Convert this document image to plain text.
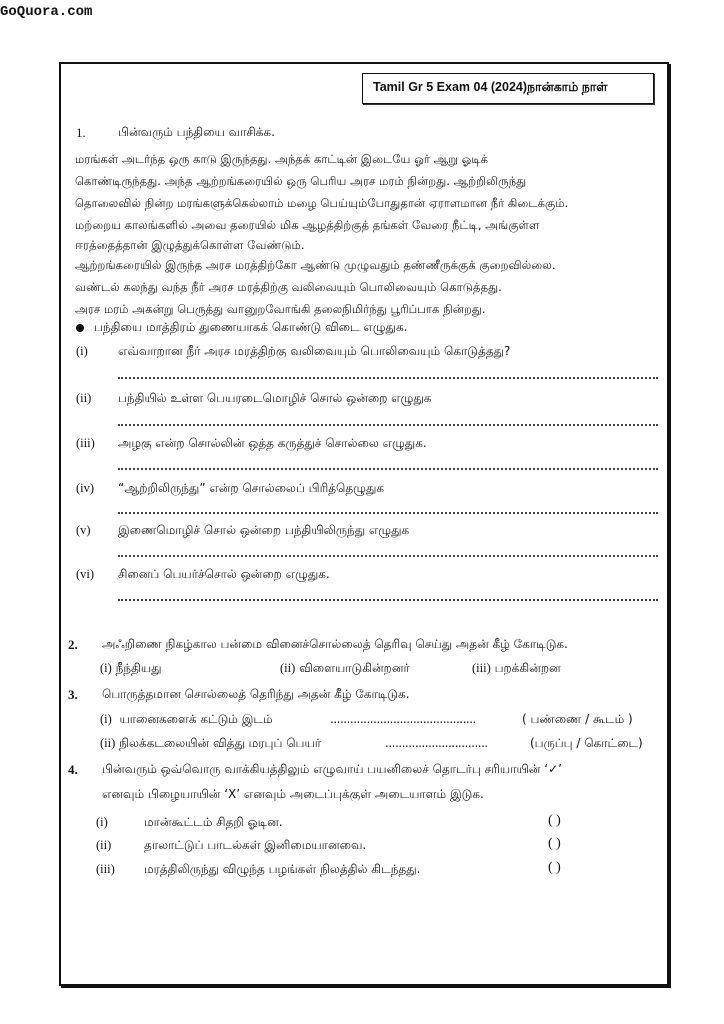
GoQuora.com
Tamil Gr 5 Exam 04 (2024)நான்காம் நாள்
1.	பின்வரும் பந்தியை வாசிக்க.
மரங்கள் அடர்ந்த ஒரு காடு இருந்தது. அந்தக் காட்டின் இடையே ஓர் ஆறு ஓடிக்
கொண்டிருந்தது. அந்த ஆற்றங்கரையில் ஒரு பெரிய அரச மரம் நின்றது. ஆற்றிலிருந்து
தொலைவில் நின்ற மரங்களுக்கெல்லாம் மழை பெய்யும்போதுதான் ஏராளமான நீர் கிடைக்கும்.
மற்றைய காலங்களில் அவை தரையில் மிக ஆழத்திற்குத் தங்கள் வேரை நீட்டி, அங்குள்ள
ஈரத்தைத்தான் இழுத்துக்கொள்ள வேண்டும்.
ஆற்றங்கரையில் இருந்த அரச மரத்திற்கோ ஆண்டு முழுவதும் தண்ணீருக்குக் குறைவில்லை.
வண்டல் கலந்து வந்த நீர் அரச மரத்திற்கு வலிவையும் பொலிவையும் கொடுத்தது.
அரச மரம் அகன்று பெருத்து வானுறவோங்கி தலைநிமிர்ந்து பூரிப்பாக நின்றது.
பந்தியை மாத்திரம் துணையாகக் கொண்டு விடை எழுதுக.
(i)	எவ்வாறான நீர் அரச மரத்திற்கு வலிவையும் பொலிவையும் கொடுத்தது?
(ii) பந்தியில் உள்ள பெயரடைமொழிச் சொல் ஒன்றை எழுதுக
(iii) அழகு என்ற சொல்லின் ஒத்த கருத்துச் சொல்லை எழுதுக.
(iv) “ஆற்றிலிருந்து” என்ற சொல்லைப் பிரித்தெழுதுக
(v) இணைமொழிச் சொல் ஒன்றை பந்தியிலிருந்து எழுதுக
(vi) சினைப் பெயர்ச்சொல் ஒன்றை எழுதுக.
2. அஃறிணை நிகழ்கால பன்மை வினைச்சொல்லைத் தெரிவு செய்து அதன் கீழ் கோடிடுக.
(i) நீந்தியது	(ii) விளையாடுகின்றனர்	(iii) பறக்கின்றன
3. பொருத்தமான சொல்லைத் தெரிந்து அதன் கீழ் கோடிடுக.
(i) யானைகளைக் கட்டும் இடம்	............................................	( பண்ணை / கூடம் )
(ii) நிலக்கடலையின் வித்து மரபுப் பெயர்	...............................	(பருப்பு / கொட்டை)
4. பின்வரும் ஒவ்வொரு வாக்கியத்திலும் எழுவாய் பயனிலைச் தொடர்பு சரியாயின் ‘✓’
எனவும் பிழையாயின் ‘X’ எனவும் அடைப்புக்குள் அடையாளம் இடுக.
(i)	மான்கூட்டம் சிதறி ஓடின.	( )
(ii)	தாலாட்டுப் பாடல்கள் இனிமையானவை.	( )
(iii) மரத்திலிருந்து விழுந்த பழங்கள் நிலத்தில் கிடந்தது.	( )
